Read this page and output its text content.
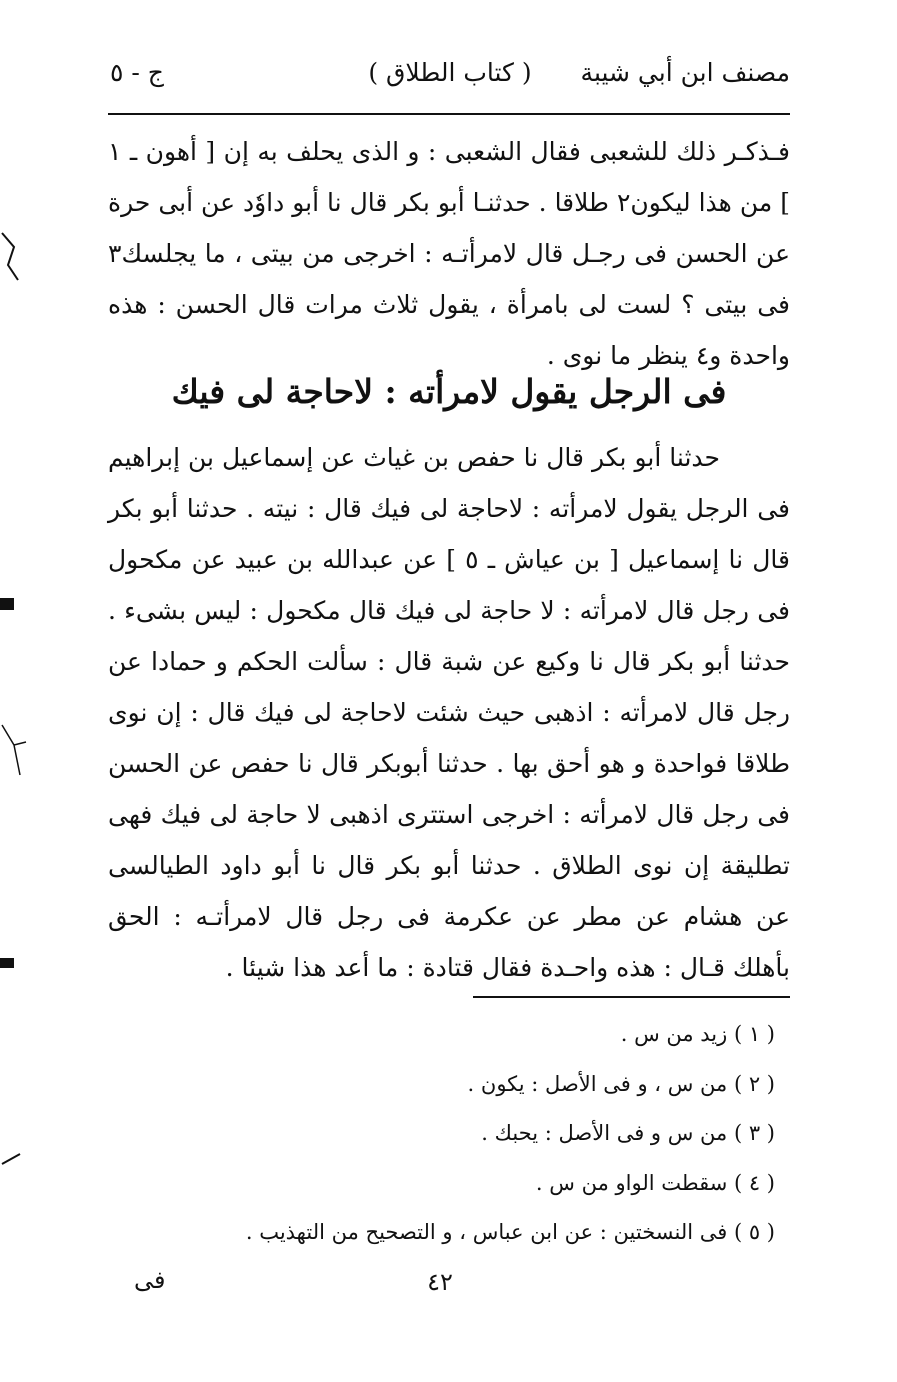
مصنف ابن أبي شيبة
( كتاب الطلاق )
ج - ٥

فـذكـر ذلك للشعبى فقال الشعبى : و الذى يحلف به إن [ أهون ـ ١ ] من هذا ليكون٢ طلاقا . حدثنـا أبو بكر قال نا أبو داوٗد عن أبى حرة عن الحسن فى رجـل قال لامرأتـه : اخرجى من بيتى ، ما يجلسك٣ فى بيتى ؟ لست لى بامرأة ، يقول ثلاث مرات قال الحسن : هذه واحدة و٤ ينظر ما نوى .

فى الرجل يقول لامرأته : لاحاجة لى فيك

حدثنا أبو بكر قال نا حفص بن غياث عن إسماعيل بن إبراهيم فى الرجل يقول لامرأته : لاحاجة لى فيك قال : نيته . حدثنا أبو بكر قال نا إسماعيل [ بن عياش ـ ٥ ] عن عبدالله بن عبيد عن مكحول فى رجل قال لامرأته : لا حاجة لى فيك قال مكحول : ليس بشىء . حدثنا أبو بكر قال نا وكيع عن شبة قال : سألت الحكم و حمادا عن رجل قال لامرأته : اذهبى حيث شئت لاحاجة لى فيك قال : إن نوى طلاقا فواحدة و هو أحق بها . حدثنا أبوبكر قال نا حفص عن الحسن فى رجل قال لامرأته : اخرجى استترى اذهبى لا حاجة لى فيك فهى تطليقة إن نوى الطلاق . حدثنا أبو بكر قال نا أبو داود الطيالسى عن هشام عن مطر عن عكرمة فى رجل قال لامرأتـه : الحق بأهلك قـال : هذه واحـدة فقال قتادة : ما أعد هذا شيئا .

( ١ ) زيد من س .
( ٢ ) من س ، و فى الأصل : يكون .
( ٣ ) من س و فى الأصل : يحبك .
( ٤ ) سقطت الواو من س .
( ٥ ) فى النسختين : عن ابن عباس ، و التصحيح من التهذيب .
٤٢
فى
